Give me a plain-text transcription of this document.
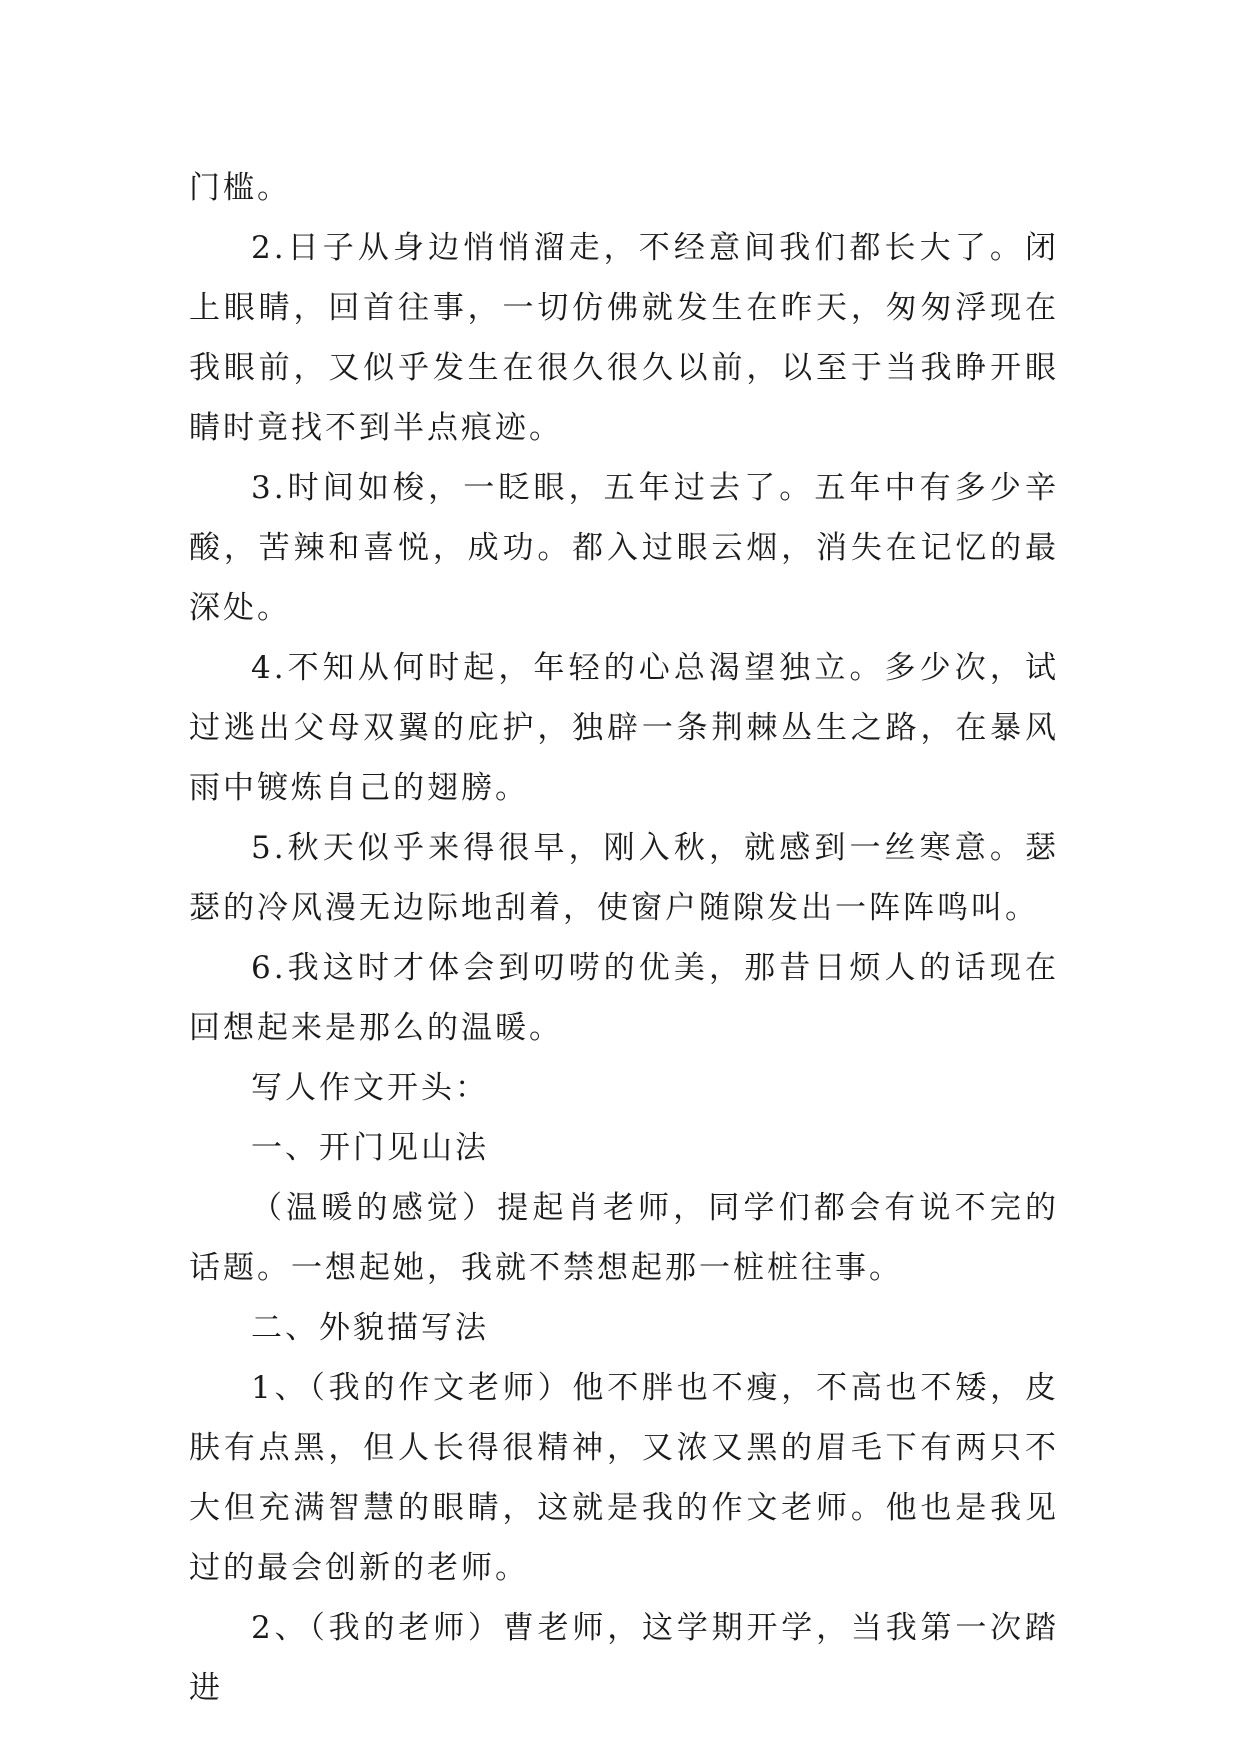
门槛。

2.日子从身边悄悄溜走，不经意间我们都长大了。闭上眼睛，回首往事，一切仿佛就发生在昨天，匆匆浮现在我眼前，又似乎发生在很久很久以前，以至于当我睁开眼睛时竟找不到半点痕迹。

3.时间如梭，一眨眼，五年过去了。五年中有多少辛酸，苦辣和喜悦，成功。都入过眼云烟，消失在记忆的最深处。

4.不知从何时起，年轻的心总渴望独立。多少次，试过逃出父母双翼的庇护，独辟一条荆棘丛生之路，在暴风雨中镀炼自己的翅膀。

5.秋天似乎来得很早，刚入秋，就感到一丝寒意。瑟瑟的冷风漫无边际地刮着，使窗户随隙发出一阵阵鸣叫。

6.我这时才体会到叨唠的优美，那昔日烦人的话现在回想起来是那么的温暖。

写人作文开头：

一、开门见山法

（温暖的感觉）提起肖老师，同学们都会有说不完的话题。一想起她，我就不禁想起那一桩桩往事。

二、外貌描写法

1、（我的作文老师）他不胖也不瘦，不高也不矮，皮肤有点黑，但人长得很精神，又浓又黑的眉毛下有两只不大但充满智慧的眼睛，这就是我的作文老师。他也是我见过的最会创新的老师。

2、（我的老师）曹老师，这学期开学，当我第一次踏进
